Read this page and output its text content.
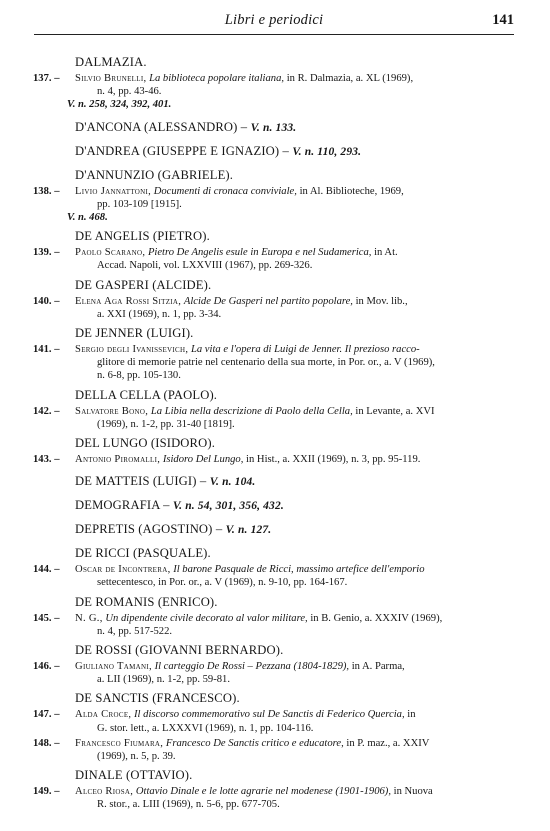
Libri e periodici	141
DALMAZIA.
137. – Silvio Brunelli, La biblioteca popolare italiana, in R. Dalmazia, a. XL (1969),
n. 4, pp. 43-46.
V. n. 258, 324, 392, 401.
D'ANCONA (ALESSANDRO) – V. n. 133.
D'ANDREA (GIUSEPPE E IGNAZIO) – V. n. 110, 293.
D'ANNUNZIO (GABRIELE).
138. – Livio Jannattoni, Documenti di cronaca conviviale, in Al. Biblioteche, 1969,
pp. 103-109 [1915].
V. n. 468.
DE ANGELIS (PIETRO).
139. – Paolo Scarano, Pietro De Angelis esule in Europa e nel Sudamerica, in At.
Accad. Napoli, vol. LXXVIII (1967), pp. 269-326.
DE GASPERI (ALCIDE).
140. – Elena Aga Rossi Sitzia, Alcide De Gasperi nel partito popolare, in Mov. lib.,
a. XXI (1969), n. 1, pp. 3-34.
DE JENNER (LUIGI).
141. – Sergio degli Ivanissevich, La vita e l'opera di Luigi de Jenner. Il prezioso racco-
glitore di memorie patrie nel centenario della sua morte, in Por. or., a. V (1969),
n. 6-8, pp. 105-130.
DELLA CELLA (PAOLO).
142. – Salvatore Bono, La Libia nella descrizione di Paolo della Cella, in Levante, a. XVI
(1969), n. 1-2, pp. 31-40 [1819].
DEL LUNGO (ISIDORO).
143. – Antonio Piromalli, Isidoro Del Lungo, in Hist., a. XXII (1969), n. 3, pp. 95-119.
DE MATTEIS (LUIGI) – V. n. 104.
DEMOGRAFIA – V. n. 54, 301, 356, 432.
DEPRETIS (AGOSTINO) – V. n. 127.
DE RICCI (PASQUALE).
144. – Oscar de Incontrera, Il barone Pasquale de Ricci, massimo artefice dell'emporio
settecentesco, in Por. or., a. V (1969), n. 9-10, pp. 164-167.
DE ROMANIS (ENRICO).
145. – N. G., Un dipendente civile decorato al valor militare, in B. Genio, a. XXXIV (1969),
n. 4, pp. 517-522.
DE ROSSI (GIOVANNI BERNARDO).
146. – Giuliano Tamani, Il carteggio De Rossi – Pezzana (1804-1829), in A. Parma,
a. LII (1969), n. 1-2, pp. 59-81.
DE SANCTIS (FRANCESCO).
147. – Alda Croce, Il discorso commemorativo sul De Sanctis di Federico Quercia, in
G. stor. lett., a. LXXXVI (1969), n. 1, pp. 104-116.
148. – Francesco Fiumara, Francesco De Sanctis critico e educatore, in P. maz., a. XXIV
(1969), n. 5, p. 39.
DINALE (OTTAVIO).
149. – Alceo Riosa, Ottavio Dinale e le lotte agrarie nel modenese (1901-1906), in Nuova
R. stor., a. LIII (1969), n. 5-6, pp. 677-705.
